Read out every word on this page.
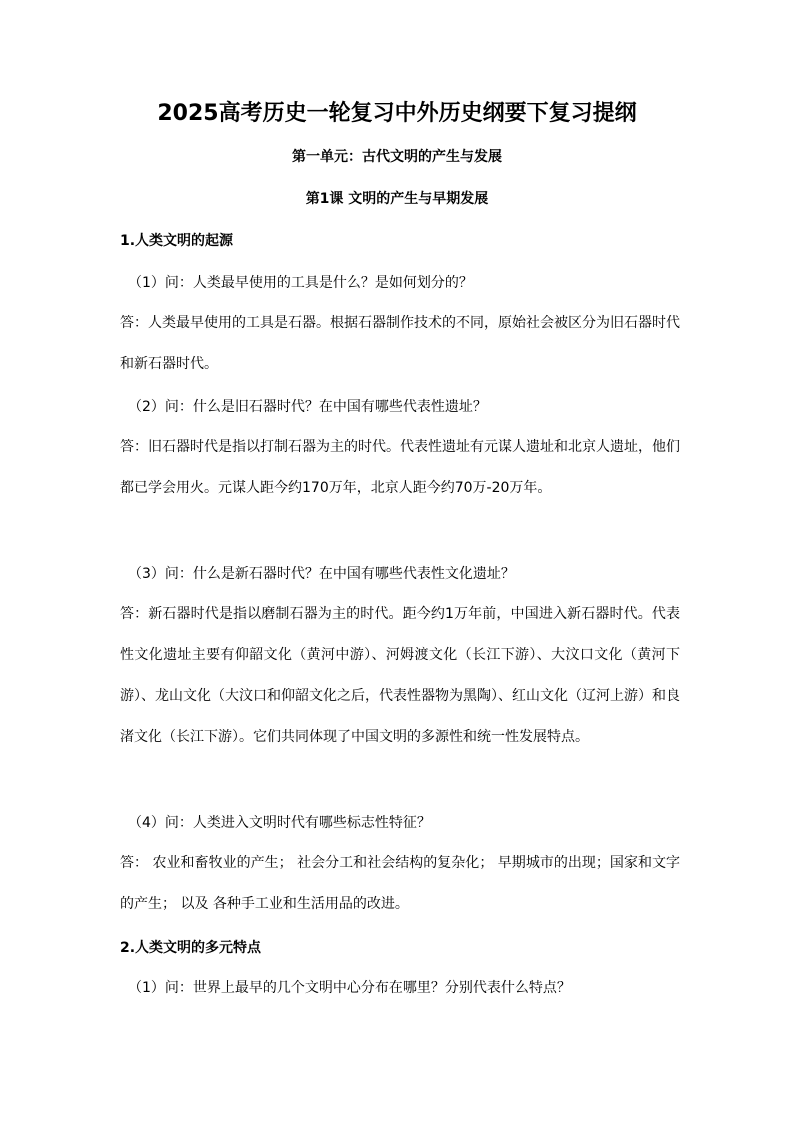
2025高考历史一轮复习中外历史纲要下复习提纲
第一单元：古代文明的产生与发展
第1课 文明的产生与早期发展
1.人类文明的起源
（1）问：人类最早使用的工具是什么？是如何划分的？
答：人类最早使用的工具是石器。根据石器制作技术的不同，原始社会被区分为旧石器时代和新石器时代。
（2）问：什么是旧石器时代？在中国有哪些代表性遗址？
答：旧石器时代是指以打制石器为主的时代。代表性遗址有元谋人遗址和北京人遗址，他们都已学会用火。元谋人距今约170万年，北京人距今约70万-20万年。
（3）问：什么是新石器时代？在中国有哪些代表性文化遗址？
答：新石器时代是指以磨制石器为主的时代。距今约1万年前，中国进入新石器时代。代表性文化遗址主要有仰韶文化（黄河中游）、河姆渡文化（长江下游）、大汶口文化（黄河下游）、龙山文化（大汶口和仰韶文化之后，代表性器物为黑陶）、红山文化（辽河上游）和良渚文化（长江下游）。它们共同体现了中国文明的多源性和统一性发展特点。
（4）问：人类进入文明时代有哪些标志性特征？
答： 农业和畜牧业的产生； 社会分工和社会结构的复杂化； 早期城市的出现；国家和文字的产生； 以及 各种手工业和生活用品的改进。
2.人类文明的多元特点
（1）问：世界上最早的几个文明中心分布在哪里？分别代表什么特点？
